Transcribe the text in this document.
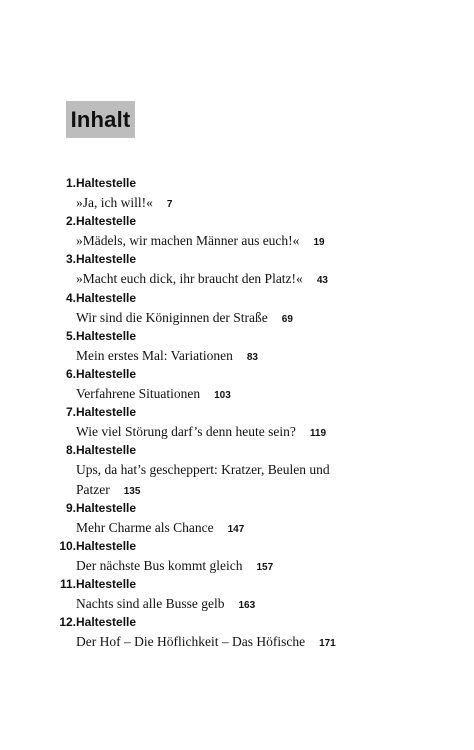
Inhalt
1. Haltestelle
»Ja, ich will!« 7
2. Haltestelle
»Mädels, wir machen Männer aus euch!« 19
3. Haltestelle
»Macht euch dick, ihr braucht den Platz!« 43
4. Haltestelle
Wir sind die Königinnen der Straße 69
5. Haltestelle
Mein erstes Mal: Variationen 83
6. Haltestelle
Verfahrene Situationen 103
7. Haltestelle
Wie viel Störung darf’s denn heute sein? 119
8. Haltestelle
Ups, da hat’s gescheppert: Kratzer, Beulen und
Patzer 135
9. Haltestelle
Mehr Charme als Chance 147
10. Haltestelle
Der nächste Bus kommt gleich 157
11. Haltestelle
Nachts sind alle Busse gelb 163
12. Haltestelle
Der Hof – Die Höflichkeit – Das Höfische 171
